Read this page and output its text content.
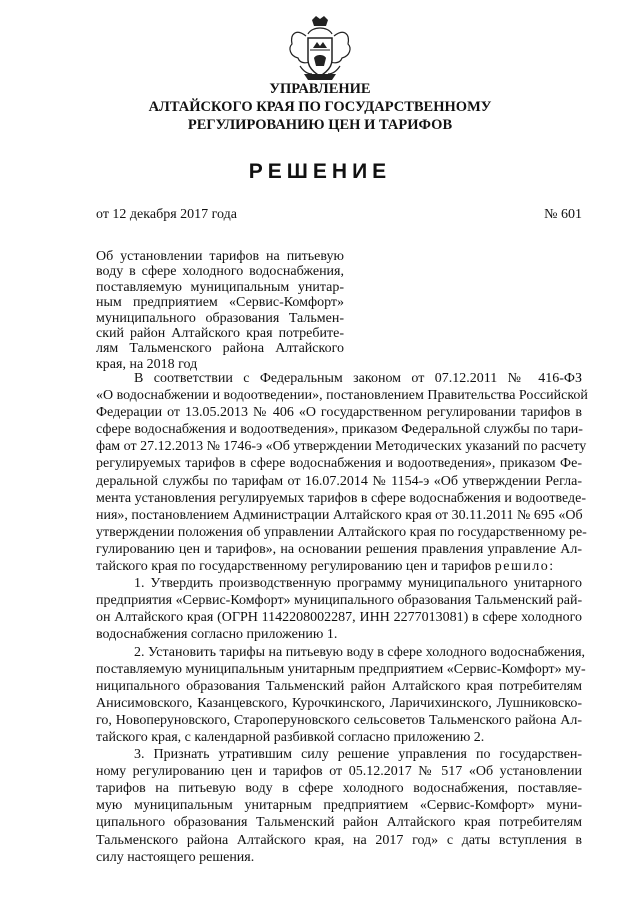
УПРАВЛЕНИЕ
АЛТАЙСКОГО КРАЯ ПО ГОСУДАРСТВЕННОМУ
РЕГУЛИРОВАНИЮ ЦЕН И ТАРИФОВ
РЕШЕНИЕ
от 12 декабря 2017 года	№ 601
Об установлении тарифов на питьевую
воду в сфере холодного водоснабжения,
поставляемую муниципальным унитар-
ным предприятием «Сервис-Комфорт»
муниципального образования Тальмен-
ский район Алтайского края потребите-
лям Тальменского района Алтайского
края, на 2018 год
В соответствии с Федеральным законом от 07.12.2011 № 416-ФЗ
«О водоснабжении и водоотведении», постановлением Правительства Российской
Федерации от 13.05.2013 № 406 «О государственном регулировании тарифов в
сфере водоснабжения и водоотведения», приказом Федеральной службы по тари-
фам от 27.12.2013 № 1746-э «Об утверждении Методических указаний по расчету
регулируемых тарифов в сфере водоснабжения и водоотведения», приказом Фе-
деральной службы по тарифам от 16.07.2014 № 1154-э «Об утверждении Регла-
мента установления регулируемых тарифов в сфере водоснабжения и водоотведе-
ния», постановлением Администрации Алтайского края от 30.11.2011 № 695 «Об
утверждении положения об управлении Алтайского края по государственному ре-
гулированию цен и тарифов», на основании решения правления управление Ал-
тайского края по государственному регулированию цен и тарифов решило:
1. Утвердить производственную программу муниципального унитарного
предприятия «Сервис-Комфорт» муниципального образования Тальменский рай-
он Алтайского края (ОГРН 1142208002287, ИНН 2277013081) в сфере холодного
водоснабжения согласно приложению 1.
2. Установить тарифы на питьевую воду в сфере холодного водоснабжения,
поставляемую муниципальным унитарным предприятием «Сервис-Комфорт» му-
ниципального образования Тальменский район Алтайского края потребителям
Анисимовского, Казанцевского, Курочкинского, Ларичихинского, Лушниковско-
го, Новоперуновского, Староперуновского сельсоветов Тальменского района Ал-
тайского края, с календарной разбивкой согласно приложению 2.
3. Признать утратившим силу решение управления по государствен-
ному регулированию цен и тарифов от 05.12.2017 № 517 «Об установлении
тарифов на питьевую воду в сфере холодного водоснабжения, поставляе-
мую муниципальным унитарным предприятием «Сервис-Комфорт» муни-
ципального образования Тальменский район Алтайского края потребителям
Тальменского района Алтайского края, на 2017 год» с даты вступления в
силу настоящего решения.
